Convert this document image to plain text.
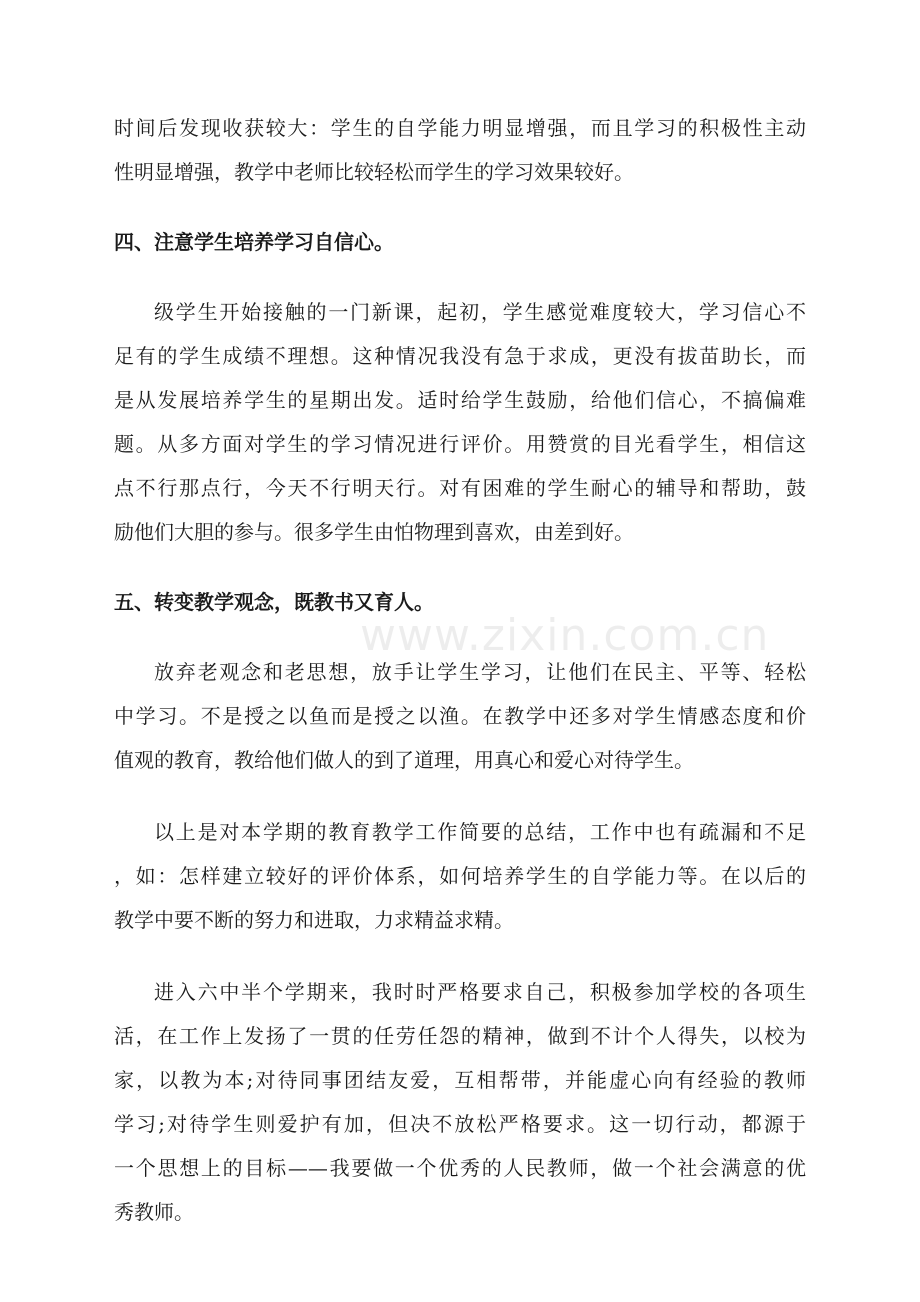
www.zixin.com.cn
时间后发现收获较大：学生的自学能力明显增强，而且学习的积极性主动
性明显增强，教学中老师比较轻松而学生的学习效果较好。
四、注意学生培养学习自信心。
级学生开始接触的一门新课，起初，学生感觉难度较大，学习信心不
足有的学生成绩不理想。这种情况我没有急于求成，更没有拔苗助长，而
是从发展培养学生的星期出发。适时给学生鼓励，给他们信心，不搞偏难
题。从多方面对学生的学习情况进行评价。用赞赏的目光看学生，相信这
点不行那点行，今天不行明天行。对有困难的学生耐心的辅导和帮助，鼓
励他们大胆的参与。很多学生由怕物理到喜欢，由差到好。
五、转变教学观念，既教书又育人。
放弃老观念和老思想，放手让学生学习，让他们在民主、平等、轻松
中学习。不是授之以鱼而是授之以渔。在教学中还多对学生情感态度和价
值观的教育，教给他们做人的到了道理，用真心和爱心对待学生。
以上是对本学期的教育教学工作简要的总结，工作中也有疏漏和不足
，如：怎样建立较好的评价体系，如何培养学生的自学能力等。在以后的
教学中要不断的努力和进取，力求精益求精。
进入六中半个学期来，我时时严格要求自己，积极参加学校的各项生
活，在工作上发扬了一贯的任劳任怨的精神，做到不计个人得失，以校为
家，以教为本;对待同事团结友爱，互相帮带，并能虚心向有经验的教师
学习;对待学生则爱护有加，但决不放松严格要求。这一切行动，都源于
一个思想上的目标——我要做一个优秀的人民教师，做一个社会满意的优
秀教师。
